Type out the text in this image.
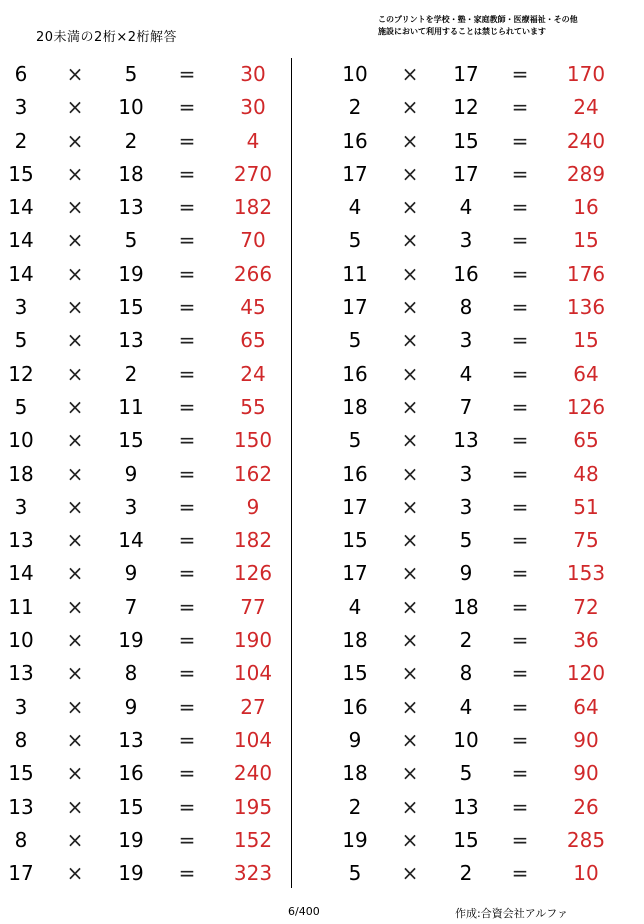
20未満の2桁×2桁解答
このプリントを学校・塾・家庭教師・医療福祉・その他
施設において利用することは禁じられています
6	×	5	=	30
3	×	10	=	30
2	×	2	=	4
15	×	18	=	270
14	×	13	=	182
14	×	5	=	70
14	×	19	=	266
3	×	15	=	45
5	×	13	=	65
12	×	2	=	24
5	×	11	=	55
10	×	15	=	150
18	×	9	=	162
3	×	3	=	9
13	×	14	=	182
14	×	9	=	126
11	×	7	=	77
10	×	19	=	190
13	×	8	=	104
3	×	9	=	27
8	×	13	=	104
15	×	16	=	240
13	×	15	=	195
8	×	19	=	152
17	×	19	=	323
10	×	17	=	170
2	×	12	=	24
16	×	15	=	240
17	×	17	=	289
4	×	4	=	16
5	×	3	=	15
11	×	16	=	176
17	×	8	=	136
5	×	3	=	15
16	×	4	=	64
18	×	7	=	126
5	×	13	=	65
16	×	3	=	48
17	×	3	=	51
15	×	5	=	75
17	×	9	=	153
4	×	18	=	72
18	×	2	=	36
15	×	8	=	120
16	×	4	=	64
9	×	10	=	90
18	×	5	=	90
2	×	13	=	26
19	×	15	=	285
5	×	2	=	10
6/400	作成:合資会社アルファ
